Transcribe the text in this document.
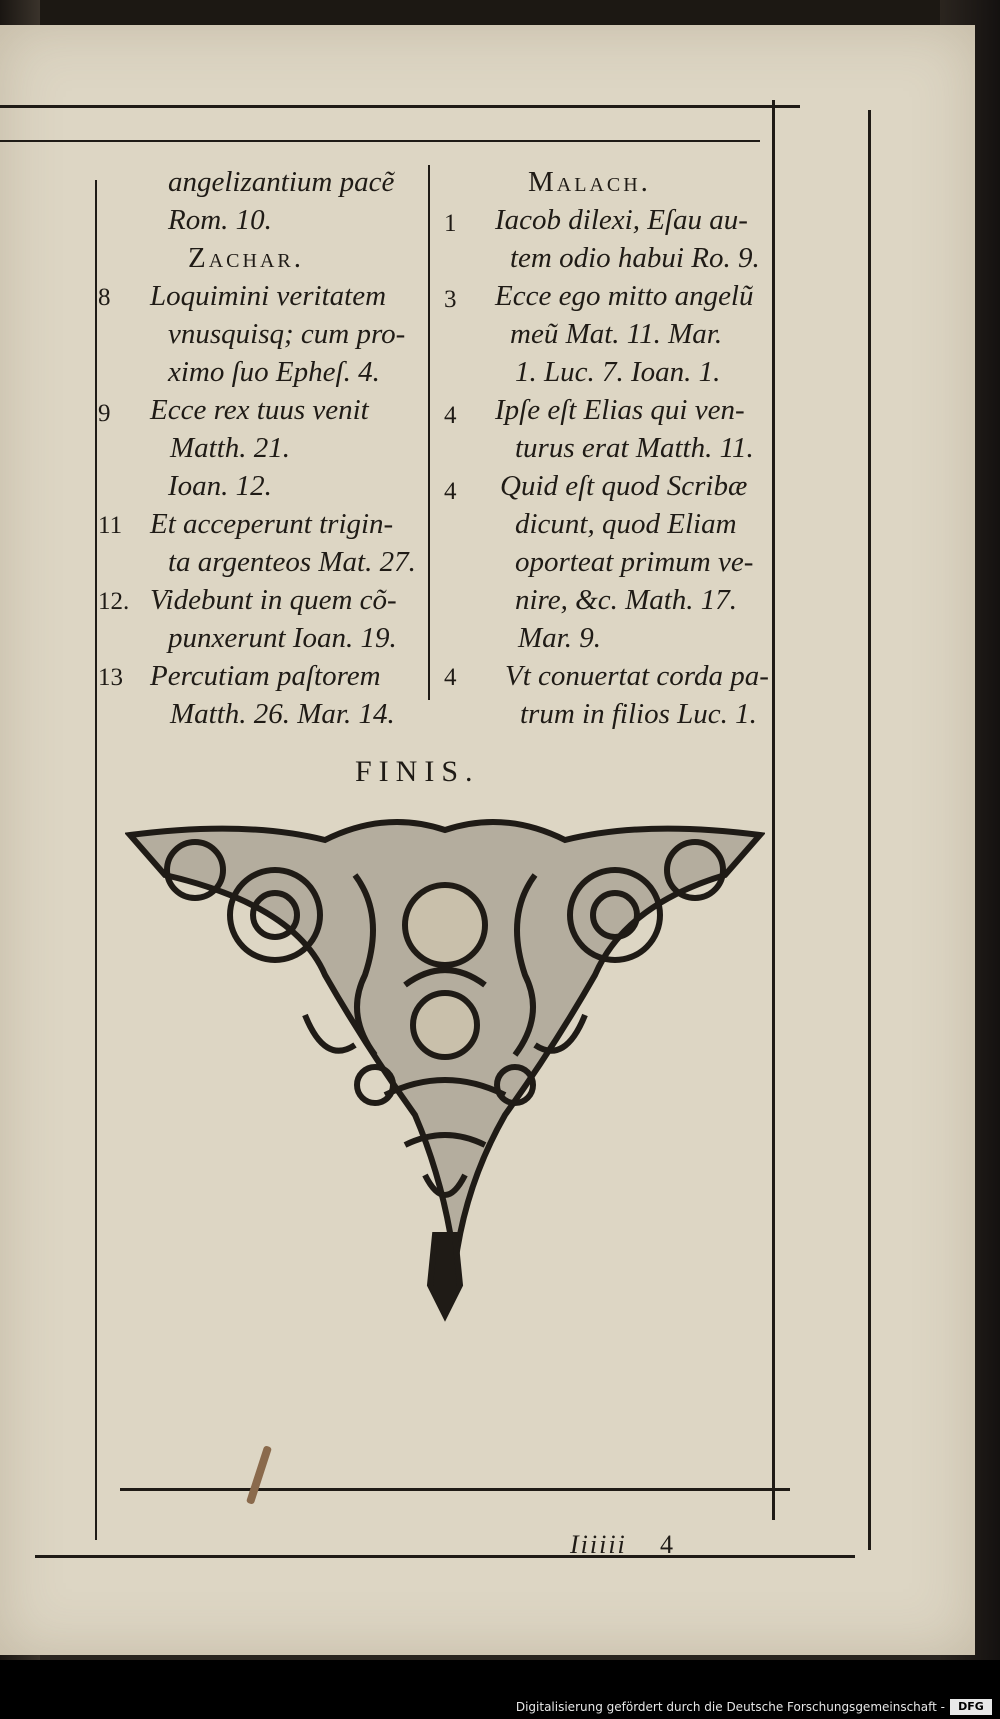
angelizantium pacẽ
Rom. 10.
Zachar.
Loquimini veritatem
vnusquisq; cum pro-
ximo ſuo Epheſ. 4.
Ecce rex tuus venit
Matth. 21.
Ioan. 12.
Et acceperunt trigin-
ta argenteos Mat. 27.
Videbunt in quem cõ-
punxerunt Ioan. 19.
Percutiam paſtorem
Matth. 26. Mar. 14.
8
9
11
12.
13
Malach.
Iacob dilexi, Eſau au-
tem odio habui Ro. 9.
Ecce ego mitto angelũ
meũ Mat. 11. Mar.
1. Luc. 7. Ioan. 1.
Ipſe eſt Elias qui ven-
turus erat Matth. 11.
Quid eſt quod Scribæ
dicunt, quod Eliam
oporteat primum ve-
nire, &c. Math. 17.
Mar. 9.
Vt conuertat corda pa-
trum in filios Luc. 1.
1
3
4
4
4
FINIS.
Iiiiii 4
Digitalisierung gefördert durch die Deutsche Forschungsgemeinschaft -	DFG
